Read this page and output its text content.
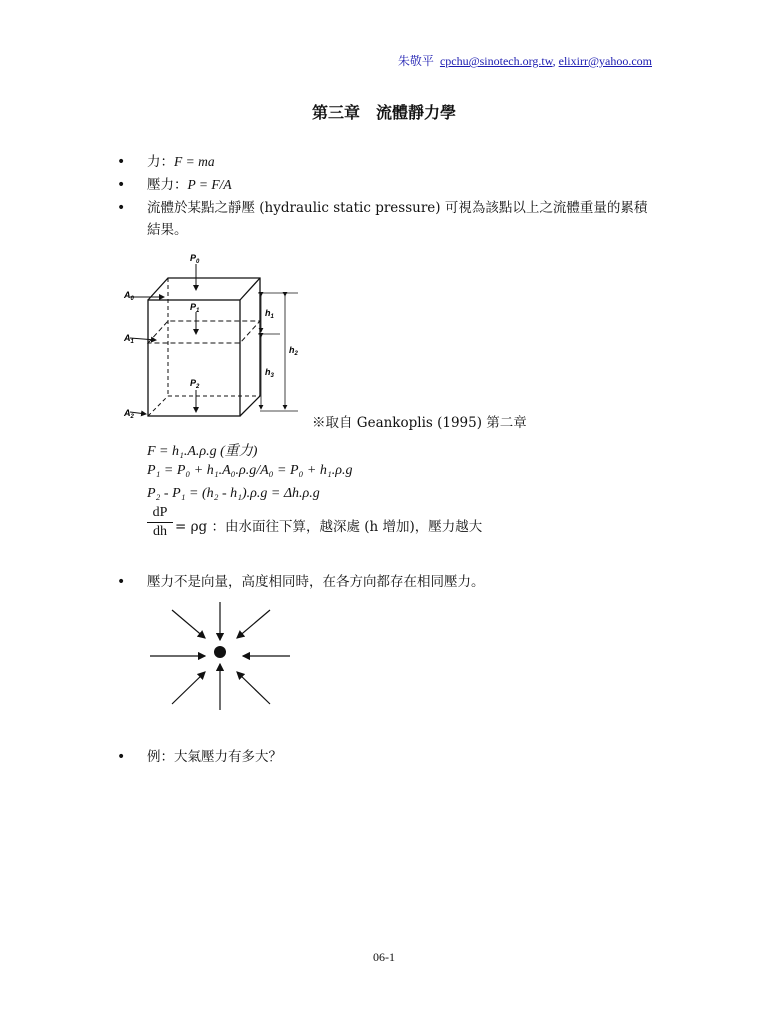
朱敬平 cpchu@sinotech.org.tw, elixirr@yahoo.com
第三章　流體靜力學
•	力：F = ma
•	壓力：P = F/A
•	流體於某點之靜壓 (hydraulic static pressure) 可視為該點以上之流體重量的累積結果。
$P_0$
$P_1$
$P_2$
$A_0$
$A_1$
$A_2$
$h_1$
$h_2$
$h_3$
※取自 Geankoplis (1995) 第二章
F = h₁.A.ρ.g (重力)
P₁ = P₀ + h₁.A₀.ρ.g/A₀ = P₀ + h₁.ρ.g
P₂ - P₁ = (h₂ - h₁).ρ.g = Δh.ρ.g
dP
dh = ρg ：由水面往下算，越深處 (h 增加)，壓力越大
•	壓力不是向量，高度相同時，在各方向都存在相同壓力。
•	例：大氣壓力有多大？
06-1
